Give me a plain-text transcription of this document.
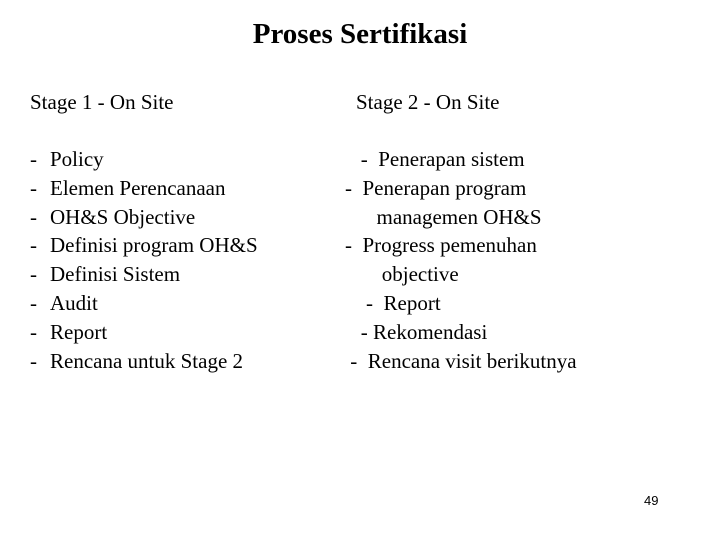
Proses Sertifikasi
Stage 1 - On Site	Stage 2 - On Site
- Policy
- Elemen Perencanaan
- OH&S Objective
- Definisi program OH&S
- Definisi Sistem
- Audit
- Report
- Rencana untuk Stage 2
-  Penerapan sistem
-  Penerapan program
managemen OH&S
-  Progress pemenuhan
objective
-  Report
- Rekomendasi
-  Rencana visit berikutnya
49
